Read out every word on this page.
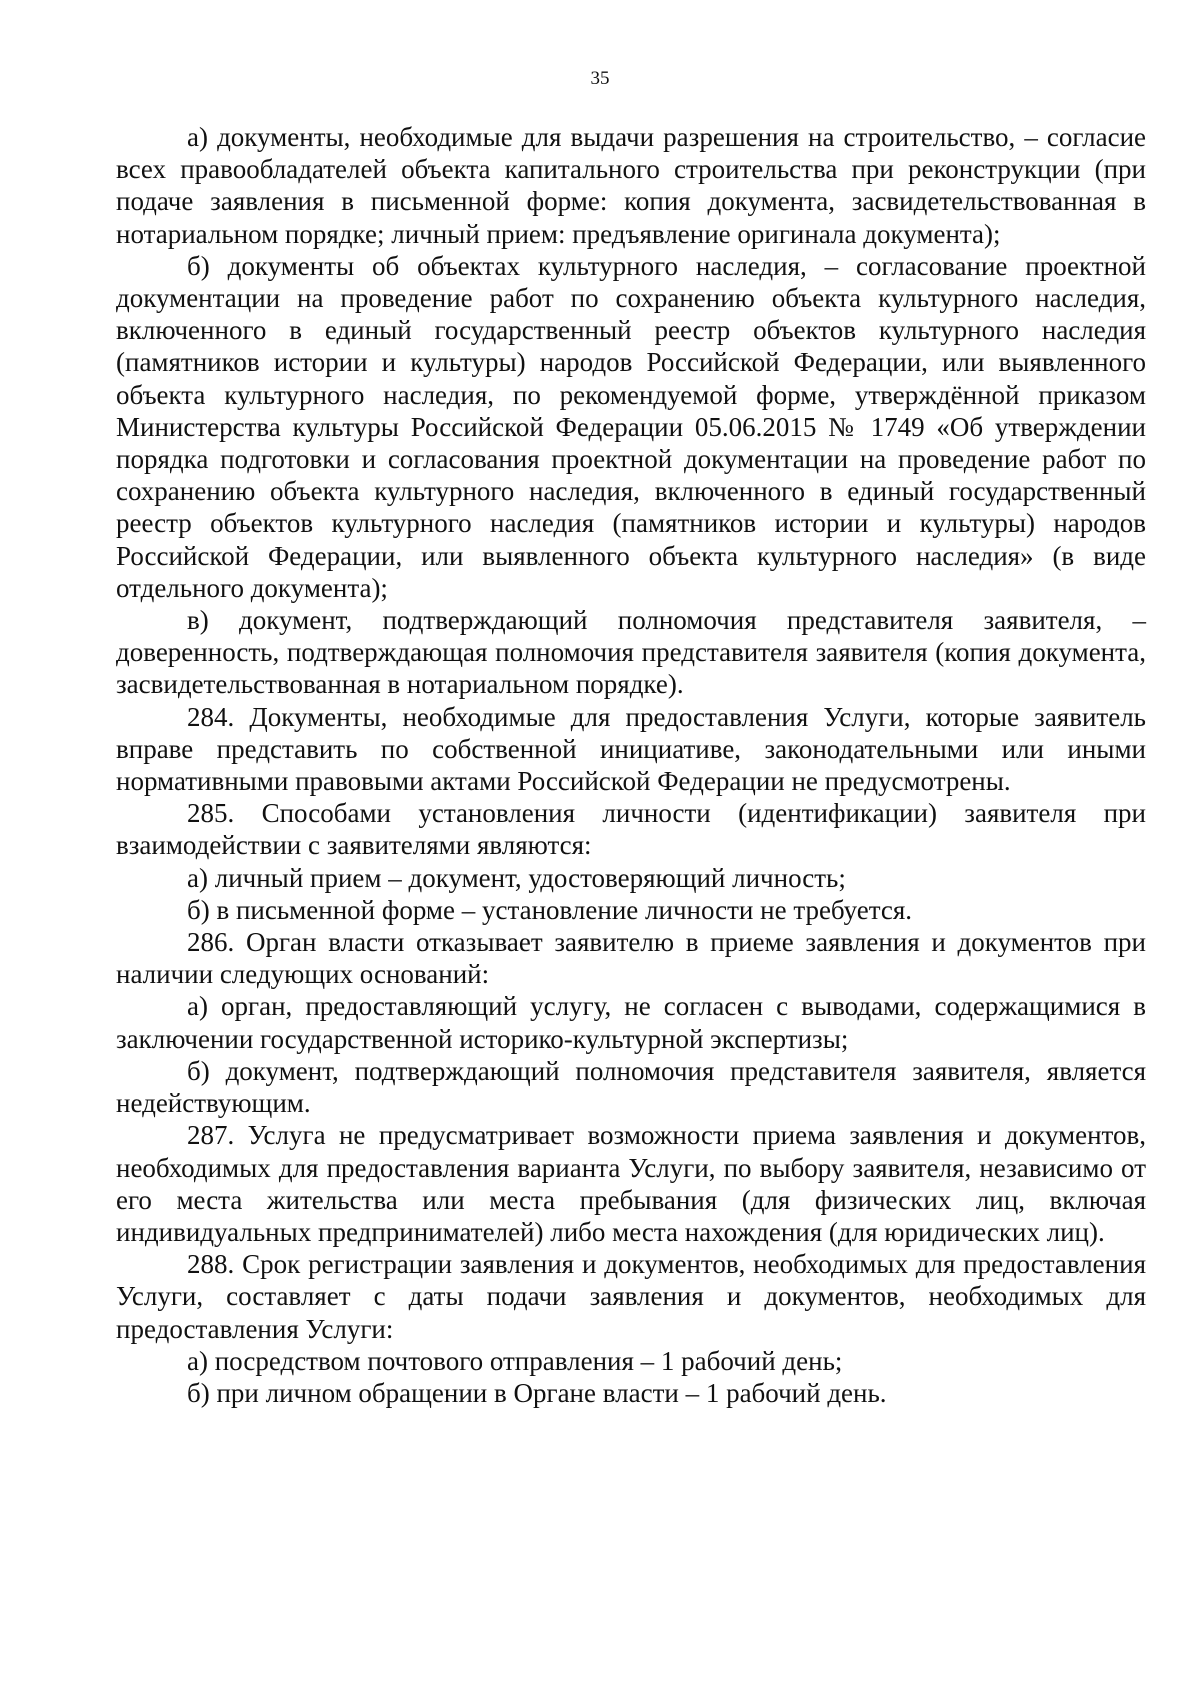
35

а) документы, необходимые для выдачи разрешения на строительство, – согласие всех правообладателей объекта капитального строительства при реконструкции (при подаче заявления в письменной форме: копия документа, засвидетельствованная в нотариальном порядке; личный прием: предъявление оригинала документа);

б) документы об объектах культурного наследия, – согласование проектной документации на проведение работ по сохранению объекта культурного наследия, включенного в единый государственный реестр объектов культурного наследия (памятников истории и культуры) народов Российской Федерации, или выявленного объекта культурного наследия, по рекомендуемой форме, утверждённой приказом Министерства культуры Российской Федерации 05.06.2015 № 1749 «Об утверждении порядка подготовки и согласования проектной документации на проведение работ по сохранению объекта культурного наследия, включенного в единый государственный реестр объектов культурного наследия (памятников истории и культуры) народов Российской Федерации, или выявленного объекта культурного наследия» (в виде отдельного документа);

в) документ, подтверждающий полномочия представителя заявителя, – доверенность, подтверждающая полномочия представителя заявителя (копия документа, засвидетельствованная в нотариальном порядке).

284. Документы, необходимые для предоставления Услуги, которые заявитель вправе представить по собственной инициативе, законодательными или иными нормативными правовыми актами Российской Федерации не предусмотрены.

285. Способами установления личности (идентификации) заявителя при взаимодействии с заявителями являются:

а) личный прием – документ, удостоверяющий личность;

б) в письменной форме – установление личности не требуется.

286. Орган власти отказывает заявителю в приеме заявления и документов при наличии следующих оснований:

а) орган, предоставляющий услугу, не согласен с выводами, содержащимися в заключении государственной историко-культурной экспертизы;

б) документ, подтверждающий полномочия представителя заявителя, является недействующим.

287. Услуга не предусматривает возможности приема заявления и документов, необходимых для предоставления варианта Услуги, по выбору заявителя, независимо от его места жительства или места пребывания (для физических лиц, включая индивидуальных предпринимателей) либо места нахождения (для юридических лиц).

288. Срок регистрации заявления и документов, необходимых для предоставления Услуги, составляет с даты подачи заявления и документов, необходимых для предоставления Услуги:

а) посредством почтового отправления – 1 рабочий день;

б) при личном обращении в Органе власти – 1 рабочий день.
